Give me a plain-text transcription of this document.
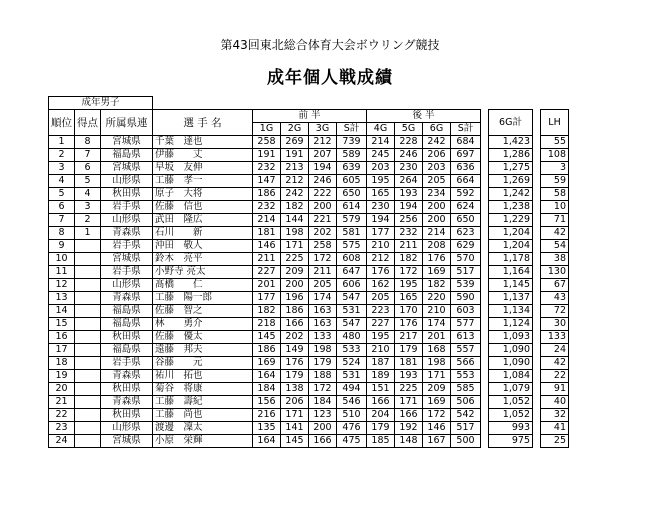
第43回東北総合体育大会ボウリング競技
成年個人戦成績
成年男子															
順位	得点	所属県連	選 手 名	前 半				後 半					6G計		LH
				1G	2G	3G	S計	4G	5G	6G	S計				
1	8	宮城県	千葉　達也	258	269	212	739	214	228	242	684		1,423		55
2	7	福島県	伊藤　　丈	191	191	207	589	245	246	206	697		1,286		108
3	6	宮城県	早坂　友伸	232	213	194	639	203	230	203	636		1,275		3
4	5	山形県	工藤　孝一	147	212	246	605	195	264	205	664		1,269		59
5	4	秋田県	原子　大将	186	242	222	650	165	193	234	592		1,242		58
6	3	岩手県	佐藤　信也	232	182	200	614	230	194	200	624		1,238		10
7	2	山形県	武田　隆広	214	144	221	579	194	256	200	650		1,229		71
8	1	青森県	石川　　新	181	198	202	581	177	232	214	623		1,204		42
9		岩手県	沖田　敬人	146	171	258	575	210	211	208	629		1,204		54
10		宮城県	鈴木　亮平	211	225	172	608	212	182	176	570		1,178		38
11		岩手県	小野寺 亮太	227	209	211	647	176	172	169	517		1,164		130
12		山形県	髙橋　　仁	201	200	205	606	162	195	182	539		1,145		67
13		青森県	工藤　陽一郎	177	196	174	547	205	165	220	590		1,137		43
14		福島県	佐藤　智之	182	186	163	531	223	170	210	603		1,134		72
15		福島県	林　　勇介	218	166	163	547	227	176	174	577		1,124		30
16		秋田県	佐藤　優太	145	202	133	480	195	217	201	613		1,093		133
17		福島県	遠藤　邦夫	186	149	198	533	210	179	168	557		1,090		24
18		岩手県	谷藤　　元	169	176	179	524	187	181	198	566		1,090		42
19		青森県	祐川　拓也	164	179	188	531	189	193	171	553		1,084		22
20		秋田県	菊谷　将康	184	138	172	494	151	225	209	585		1,079		91
21		青森県	工藤　壽紀	156	206	184	546	166	171	169	506		1,052		40
22		秋田県	工藤　尚也	216	171	123	510	204	166	172	542		1,052		32
23		山形県	渡邊　凜太	135	141	200	476	179	192	146	517		993		41
24		宮城県	小原　栄輝	164	145	166	475	185	148	167	500		975		25
